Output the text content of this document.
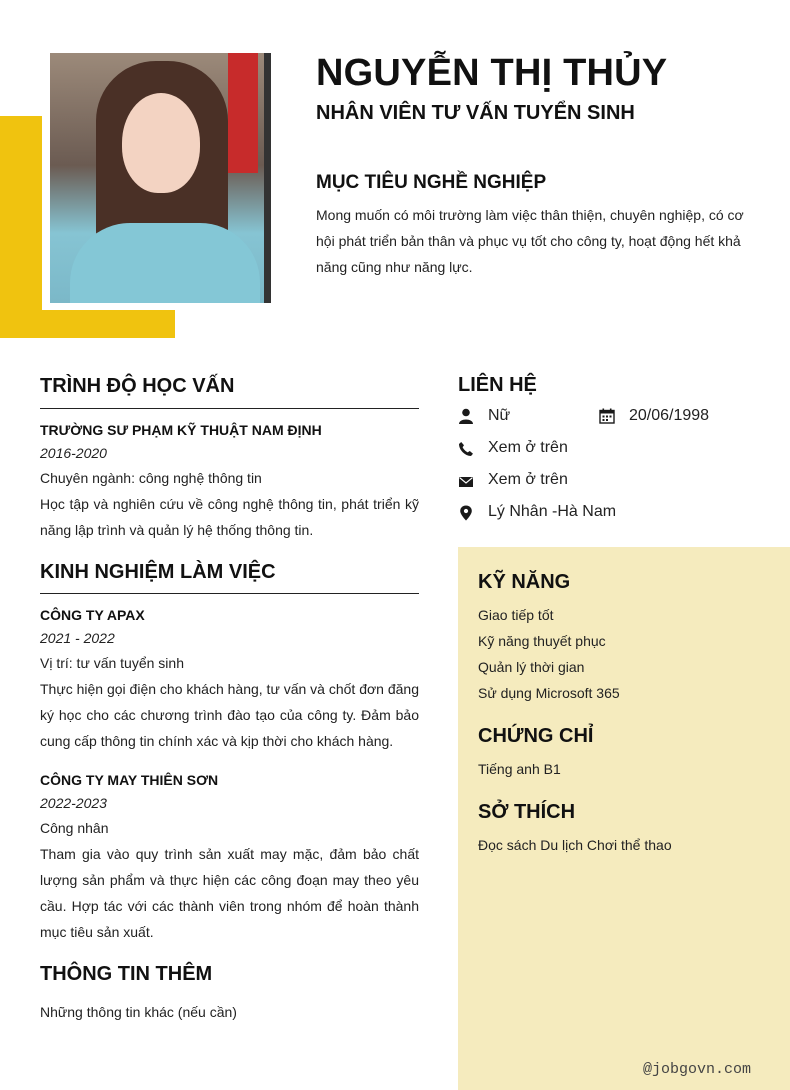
NGUYỄN THỊ THỦY
NHÂN VIÊN TƯ VẤN TUYỂN SINH
MỤC TIÊU NGHỀ NGHIỆP

Mong muốn có môi trường làm việc thân thiện, chuyên nghiệp, có cơ hội phát triển bản thân và phục vụ tốt cho công ty, hoạt động hết khả năng cũng như năng lực.

TRÌNH ĐỘ HỌC VẤN

TRƯỜNG SƯ PHẠM KỸ THUẬT NAM ĐỊNH

2016-2020

Chuyên ngành: công nghệ thông tin

Học tập và nghiên cứu về công nghệ thông tin, phát triển kỹ năng lập trình và quản lý hệ thống thông tin.

KINH NGHIỆM LÀM VIỆC

CÔNG TY APAX

2021 - 2022

Vị trí: tư vấn tuyển sinh

Thực hiện gọi điện cho khách hàng, tư vấn và chốt đơn đăng ký học cho các chương trình đào tạo của công ty. Đảm bảo cung cấp thông tin chính xác và kịp thời cho khách hàng.

CÔNG TY MAY THIÊN SƠN

2022-2023

Công nhân

Tham gia vào quy trình sản xuất may mặc, đảm bảo chất lượng sản phẩm và thực hiện các công đoạn may theo yêu cầu. Hợp tác với các thành viên trong nhóm để hoàn thành mục tiêu sản xuất.

THÔNG TIN THÊM

Những thông tin khác (nếu cần)

LIÊN HỆ

Nữ	20/06/1998

Xem ở trên

Xem ở trên

Lý Nhân -Hà Nam

KỸ NĂNG

Giao tiếp tốt

Kỹ năng thuyết phục

Quản lý thời gian

Sử dụng Microsoft 365

CHỨNG CHỈ

Tiếng anh B1

SỞ THÍCH

Đọc sách Du lịch Chơi thể thao

@jobgovn.com
